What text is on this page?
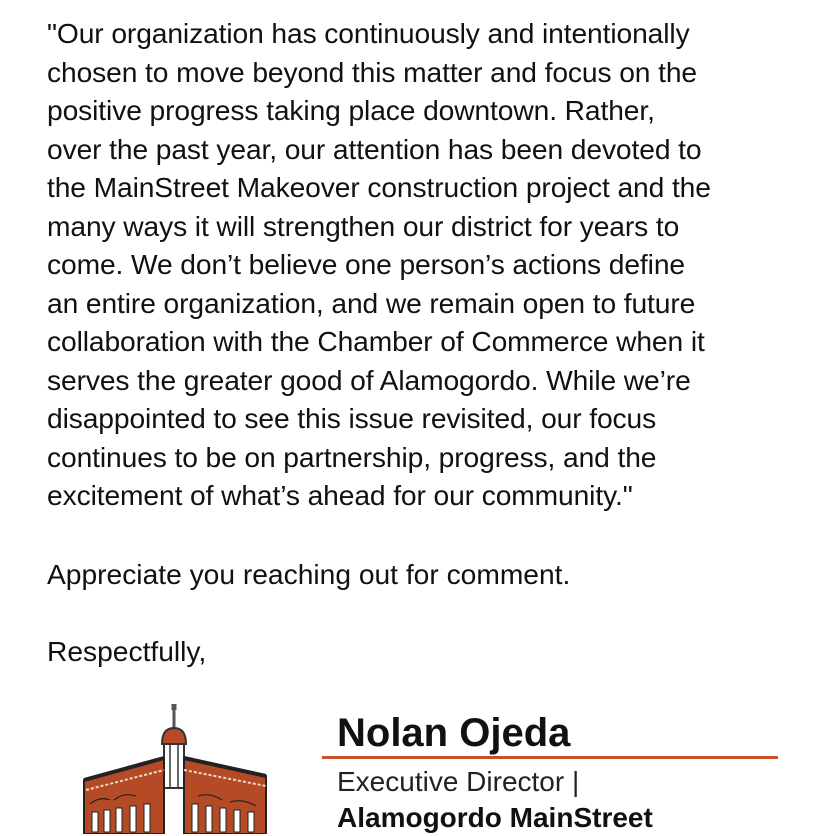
"Our organization has continuously and intentionally
chosen to move beyond this matter and focus on the
positive progress taking place downtown. Rather,
over the past year, our attention has been devoted to
the MainStreet Makeover construction project and the
many ways it will strengthen our district for years to
come. We don’t believe one person’s actions define
an entire organization, and we remain open to future
collaboration with the Chamber of Commerce when it
serves the greater good of Alamogordo. While we’re
disappointed to see this issue revisited, our focus
continues to be on partnership, progress, and the
excitement of what’s ahead for our community."

Appreciate you reaching out for comment.

Respectfully,

Nolan Ojeda
Executive Director |
Alamogordo MainStreet
